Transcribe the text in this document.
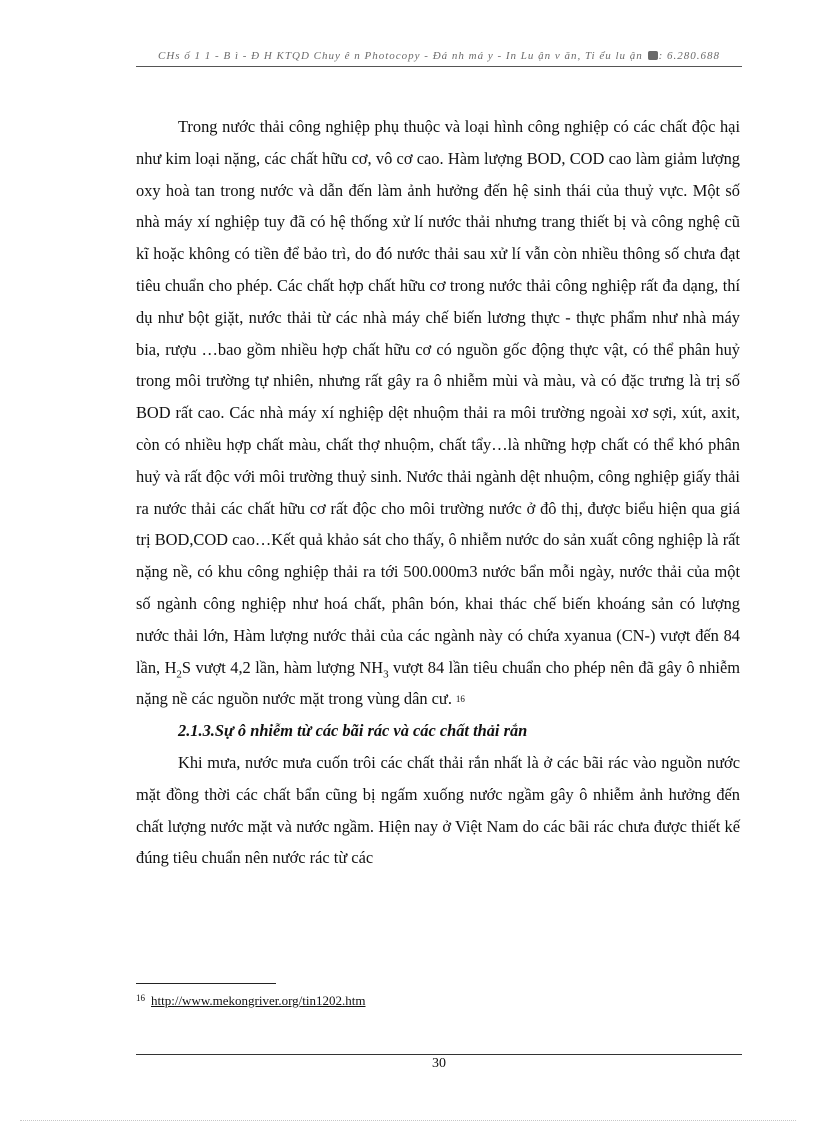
CHs ố 1 1 - B ì - Đ H KTQD Chuy ê n Photocopy - Đá nh má y - In Lu ận v ăn, Ti ểu lu ận : 6.280.688

Trong nước thải công nghiệp phụ thuộc và loại hình công nghiệp có các chất độc hại như kim loại nặng, các chất hữu cơ, vô cơ cao. Hàm lượng BOD, COD cao làm giảm lượng oxy hoà tan trong nước và dẫn đến làm ảnh hưởng đến hệ sinh thái của thuỷ vực. Một số nhà máy xí nghiệp tuy đã có hệ thống xử lí nước thải nhưng trang thiết bị và công nghệ cũ kĩ hoặc không có tiền để bảo trì, do đó nước thải sau xử lí vẫn còn nhiều thông số chưa đạt tiêu chuẩn cho phép. Các chất hợp chất hữu cơ trong nước thải công nghiệp rất đa dạng, thí dụ như bột giặt, nước thải từ các nhà máy chế biến lương thực - thực phẩm như nhà máy bia, rượu …bao gồm nhiều hợp chất hữu cơ có nguồn gốc động thực vật, có thể phân huỷ trong môi trường tự nhiên, nhưng rất gây ra ô nhiễm mùi và màu, và có đặc trưng là trị số BOD rất cao. Các nhà máy xí nghiệp dệt nhuộm thải ra môi trường ngoài xơ sợi, xút, axit, còn có nhiều hợp chất màu, chất thợ nhuộm, chất tẩy…là những hợp chất có thể khó phân huỷ và rất độc với môi trường thuỷ sinh. Nước thải ngành dệt nhuộm, công nghiệp giấy thải ra nước thải các chất hữu cơ rất độc cho môi trường nước ở đô thị, được biểu hiện qua giá trị BOD,COD cao…Kết quả khảo sát cho thấy, ô nhiễm nước do sản xuất công nghiệp là rất nặng nề, có khu công nghiệp thải ra tới 500.000m3 nước bẩn mỗi ngày, nước thải của một số ngành công nghiệp như hoá chất, phân bón, khai thác chế biến khoáng sản có lượng nước thải lớn, Hàm lượng nước thải của các ngành này có chứa xyanua (CN-) vượt đến 84 lần, $H_2S$ vượt 4,2 lần, hàm lượng $NH_3$ vượt 84 lần tiêu chuẩn cho phép nên đã gây ô nhiễm nặng nề các nguồn nước mặt trong vùng dân cư. $^{16}$

2.1.3.Sự ô nhiễm từ các bãi rác và các chất thải rắn

Khi mưa, nước mưa cuốn trôi các chất thải rắn nhất là ở các bãi rác vào nguồn nước mặt đồng thời các chất bẩn cũng bị ngấm xuống nước ngầm gây ô nhiễm ảnh hưởng đến chất lượng nước mặt và nước ngầm. Hiện nay ở Việt Nam do các bãi rác chưa được thiết kế đúng tiêu chuẩn nên nước rác từ các

$^{16}$ http://www.mekongriver.org/tin1202.htm
30
